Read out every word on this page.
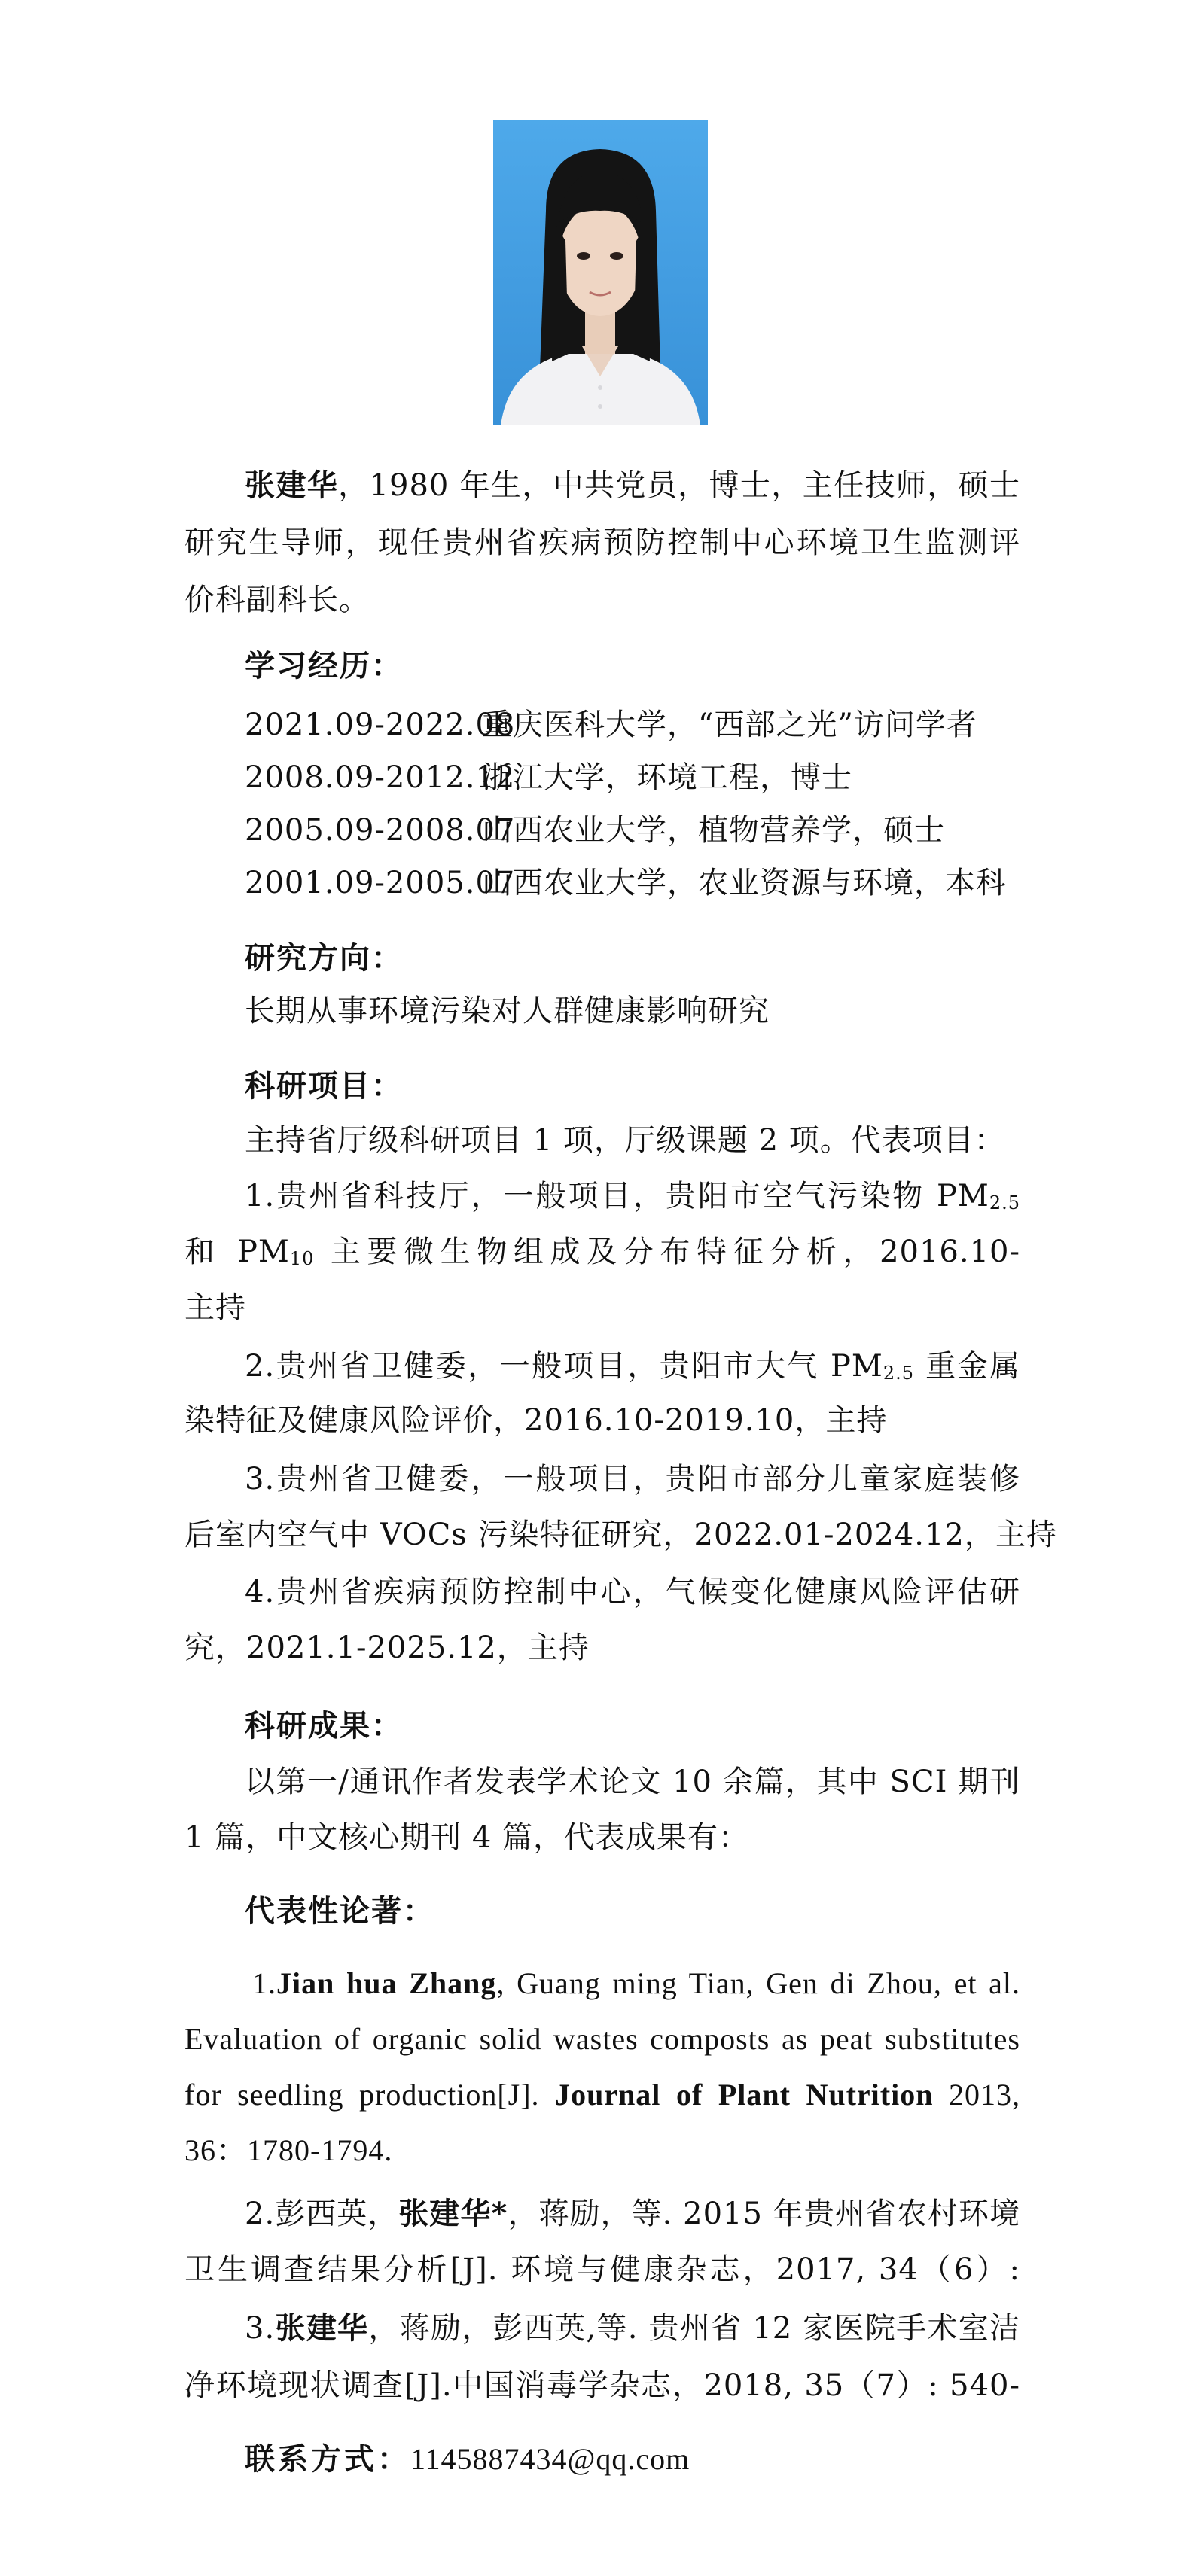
张建华，1980 年生，中共党员，博士，主任技师，硕士
研究生导师，现任贵州省疾病预防控制中心环境卫生监测评
价科副科长。
学习经历：
2021.09-2022.08重庆医科大学，“西部之光”访问学者
2008.09-2012.12浙江大学，环境工程，博士
2005.09-2008.07山西农业大学，植物营养学，硕士
2001.09-2005.07山西农业大学，农业资源与环境，本科
研究方向：
长期从事环境污染对人群健康影响研究
科研项目：
主持省厅级科研项目 1 项，厅级课题 2 项。代表项目：
1.贵州省科技厅，一般项目，贵阳市空气污染物 $PM_{2.5}$
和 $PM_{10}$ 主要微生物组成及分布特征分析，2016.10-
主持
2.贵州省卫健委，一般项目，贵阳市大气 $PM_{2.5}$ 重金属
染特征及健康风险评价，2016.10-2019.10，主持
3.贵州省卫健委，一般项目，贵阳市部分儿童家庭装修
后室内空气中 VOCs 污染特征研究，2022.01-2024.12，主持
4.贵州省疾病预防控制中心，气候变化健康风险评估研
究，2021.1-2025.12，主持
科研成果：
以第一/通讯作者发表学术论文 10 余篇，其中 SCI 期刊
1 篇，中文核心期刊 4 篇，代表成果有：
代表性论著：
1.Jian hua Zhang, Guang ming Tian, Gen di Zhou, et al.
Evaluation of organic solid wastes composts as peat substitutes
for seedling production[J]. Journal of Plant Nutrition 2013,
36：1780-1794.
2.彭西英，张建华*，蒋励，等. 2015 年贵州省农村环境
卫生调查结果分析[J]. 环境与健康杂志，2017, 34（6）:
3.张建华，蒋励，彭西英,等. 贵州省 12 家医院手术室洁
净环境现状调查[J].中国消毒学杂志，2018, 35（7）: 540-
联系方式：1145887434@qq.com
